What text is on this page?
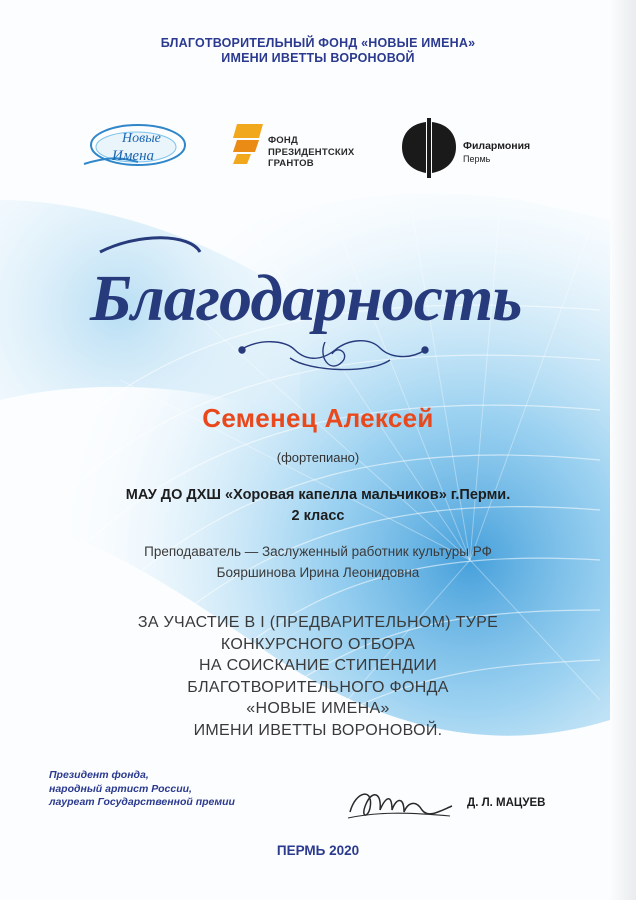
БЛАГОТВОРИТЕЛЬНЫЙ ФОНД «НОВЫЕ ИМЕНА»
ИМЕНИ ИВЕТТЫ ВОРОНОВОЙ
Новые
Имена
ФОНД
ПРЕЗИДЕНТСКИХ
ГРАНТОВ
Филармония
Пермь
Благодарность
Семенец Алексей
(фортепиано)
МАУ ДО ДХШ «Хоровая капелла мальчиков» г.Перми.
2 класс
Преподаватель — Заслуженный работник культуры РФ
Бояршинова Ирина Леонидовна
ЗА УЧАСТИЕ В I (ПРЕДВАРИТЕЛЬНОМ) ТУРЕ
КОНКУРСНОГО ОТБОРА
НА СОИСКАНИЕ СТИПЕНДИИ
БЛАГОТВОРИТЕЛЬНОГО ФОНДА
«НОВЫЕ ИМЕНА»
ИМЕНИ ИВЕТТЫ ВОРОНОВОЙ.
Президент фонда,
народный артист России,
лауреат Государственной премии	Д. Л. МАЦУЕВ
ПЕРМЬ 2020
